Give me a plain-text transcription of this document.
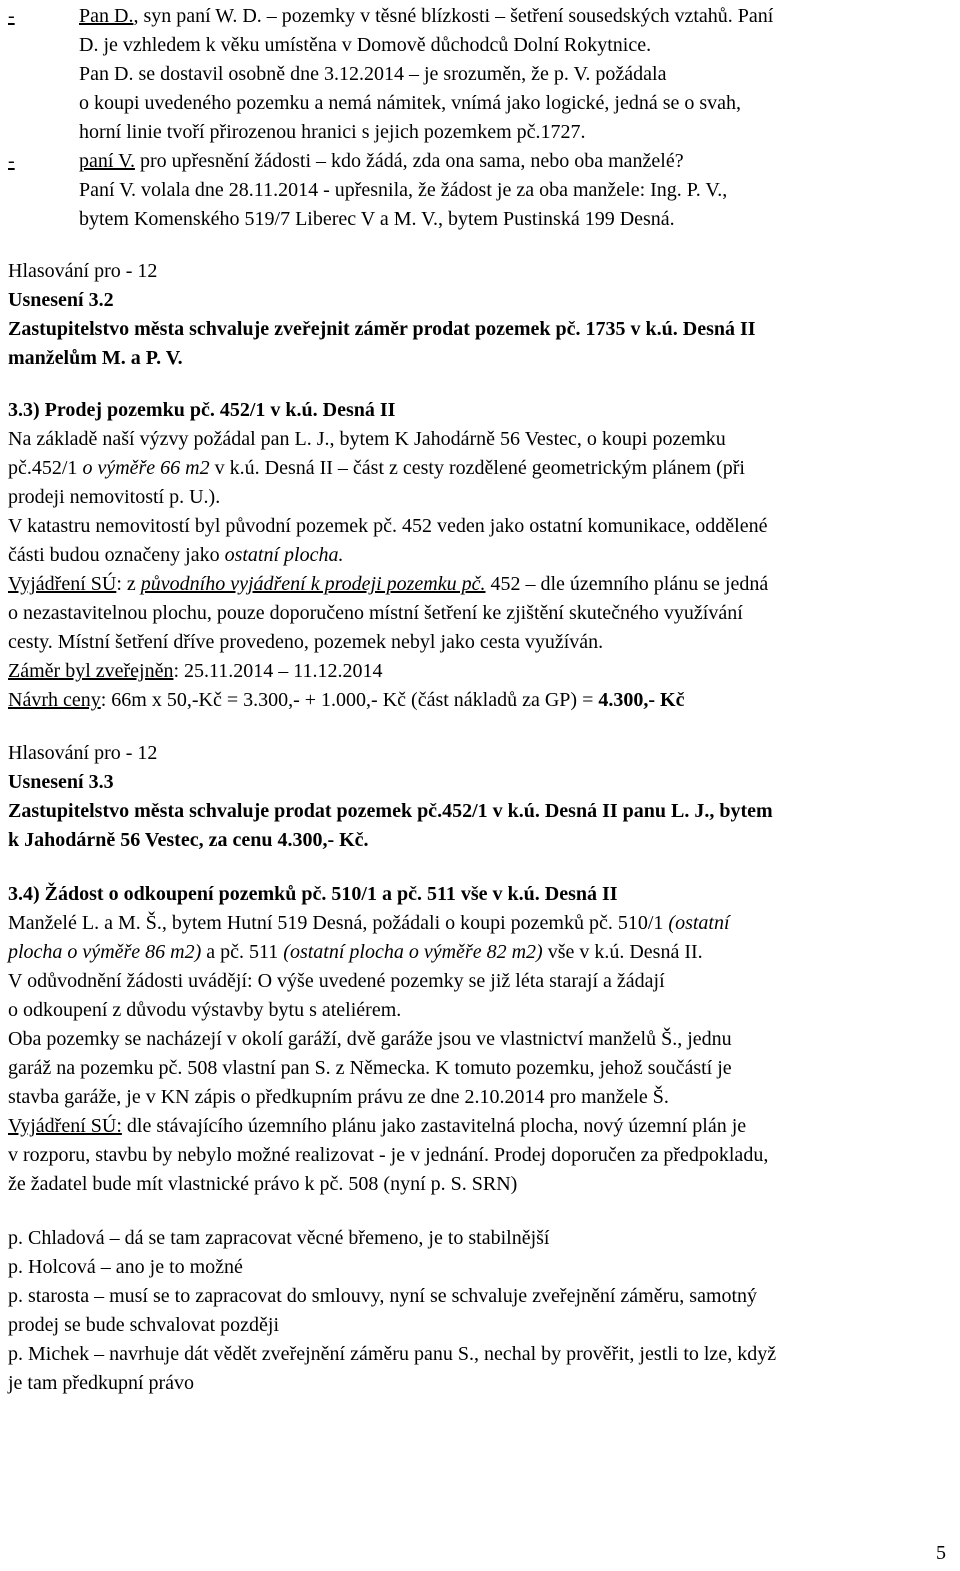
-	Pan D., syn paní W. D. – pozemky v těsné blízkosti – šetření sousedských vztahů. Paní
D. je vzhledem k věku umístěna v Domově důchodců Dolní Rokytnice.
Pan D. se dostavil osobně dne 3.12.2014 – je srozuměn, že p. V. požádala
o koupi uvedeného pozemku a nemá námitek, vnímá jako logické, jedná se o svah,
horní linie tvoří přirozenou hranici s jejich pozemkem pč.1727.
-	paní V. pro upřesnění žádosti – kdo žádá, zda ona sama, nebo oba manželé?
Paní V. volala dne 28.11.2014 - upřesnila, že žádost je za oba manžele: Ing. P. V.,
bytem Komenského 519/7 Liberec V a M. V., bytem Pustinská 199 Desná.
Hlasování pro - 12
Usnesení 3.2
Zastupitelstvo města schvaluje zveřejnit záměr prodat pozemek pč. 1735 v k.ú. Desná II
manželům M. a P. V.
3.3) Prodej pozemku pč. 452/1 v k.ú. Desná II
Na základě naší výzvy požádal pan L. J., bytem K Jahodárně 56 Vestec, o koupi pozemku
pč.452/1 o výměře 66 m2 v k.ú. Desná II – část z cesty rozdělené geometrickým plánem (při
prodeji nemovitostí p. U.).
V katastru nemovitostí byl původní pozemek pč. 452 veden jako ostatní komunikace, oddělené
části budou označeny jako ostatní plocha.
Vyjádření SÚ: z původního vyjádření k prodeji pozemku pč. 452 – dle územního plánu se jedná
o nezastavitelnou plochu, pouze doporučeno místní šetření ke zjištění skutečného využívání
cesty. Místní šetření dříve provedeno, pozemek nebyl jako cesta využíván.
Záměr byl zveřejněn: 25.11.2014 – 11.12.2014
Návrh ceny: 66m x 50,-Kč = 3.300,- + 1.000,- Kč (část nákladů za GP) = 4.300,- Kč
Hlasování pro - 12
Usnesení 3.3
Zastupitelstvo města schvaluje prodat pozemek pč.452/1 v k.ú. Desná II panu L. J., bytem
k Jahodárně 56 Vestec, za cenu 4.300,- Kč.
3.4) Žádost o odkoupení pozemků pč. 510/1 a pč. 511 vše v k.ú. Desná II
Manželé L. a M. Š., bytem Hutní 519 Desná, požádali o koupi pozemků pč. 510/1 (ostatní
plocha o výměře 86 m2) a pč. 511 (ostatní plocha o výměře 82 m2) vše v k.ú. Desná II.
V odůvodnění žádosti uvádějí: O výše uvedené pozemky se již léta starají a žádají
o odkoupení z důvodu výstavby bytu s ateliérem.
Oba pozemky se nacházejí v okolí garáží, dvě garáže jsou ve vlastnictví manželů Š., jednu
garáž na pozemku pč. 508 vlastní pan S. z Německa. K tomuto pozemku, jehož součástí je
stavba garáže, je v KN zápis o předkupním právu ze dne 2.10.2014 pro manžele Š.
Vyjádření SÚ: dle stávajícího územního plánu jako zastavitelná plocha, nový územní plán je
v rozporu, stavbu by nebylo možné realizovat - je v jednání. Prodej doporučen za předpokladu,
že žadatel bude mít vlastnické právo k pč. 508 (nyní p. S. SRN)
p. Chladová – dá se tam zapracovat věcné břemeno, je to stabilnější
p. Holcová – ano je to možné
p. starosta – musí se to zapracovat do smlouvy, nyní se schvaluje zveřejnění záměru, samotný
prodej se bude schvalovat později
p. Michek – navrhuje dát vědět zveřejnění záměru panu S., nechal by prověřit, jestli to lze, když
je tam předkupní právo
5
